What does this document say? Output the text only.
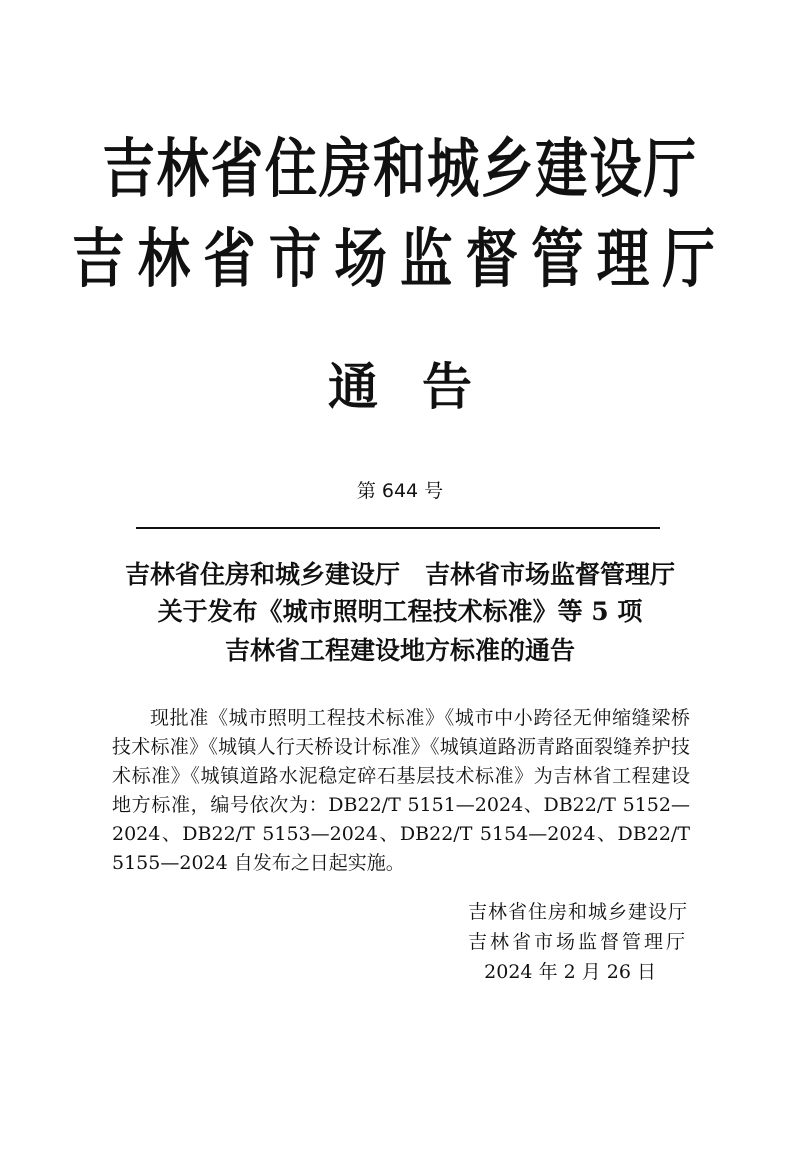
吉林省住房和城乡建设厅
吉林省市场监督管理厅
通告
第 644 号
吉林省住房和城乡建设厅　吉林省市场监督管理厅
关于发布《城市照明工程技术标准》等 5 项
吉林省工程建设地方标准的通告

现批准《城市照明工程技术标准》《城市中小跨径无伸缩缝梁桥技术标准》《城镇人行天桥设计标准》《城镇道路沥青路面裂缝养护技术标准》《城镇道路水泥稳定碎石基层技术标准》为吉林省工程建设地方标准，编号依次为：DB22/T 5151—2024、DB22/T 5152—2024、DB22/T 5153—2024、DB22/T 5154—2024、DB22/T 5155—2024 自发布之日起实施。

吉林省住房和城乡建设厅
吉林省市场监督管理厅
2024 年 2 月 26 日
